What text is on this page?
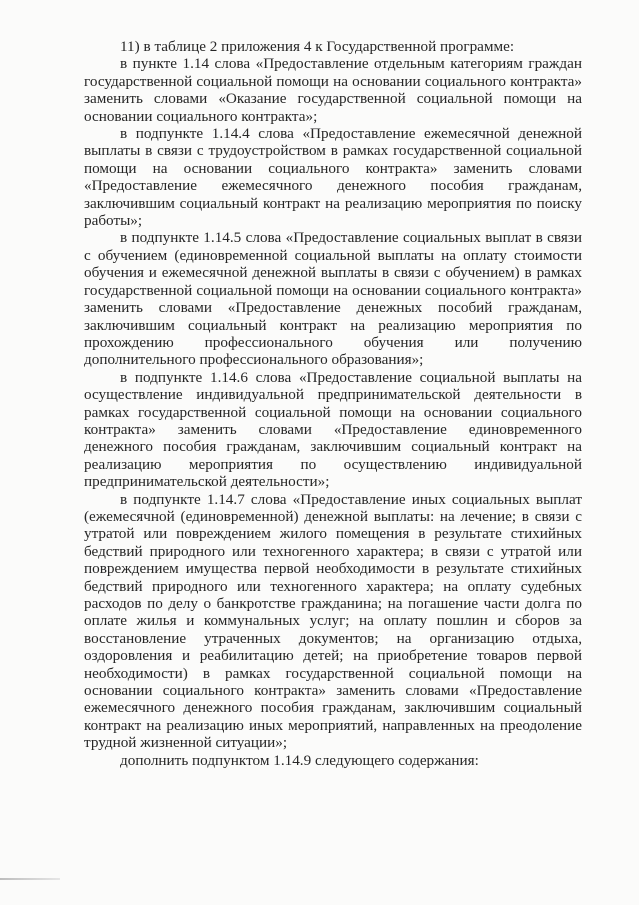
11) в таблице 2 приложения 4 к Государственной программе:

в пункте 1.14 слова «Предоставление отдельным категориям граждан государственной социальной помощи на основании социального контракта» заменить словами «Оказание государственной социальной помощи на основании социального контракта»;

в подпункте 1.14.4 слова «Предоставление ежемесячной денежной выплаты в связи с трудоустройством в рамках государственной социальной помощи на основании социального контракта» заменить словами «Предоставление ежемесячного денежного пособия гражданам, заключившим социальный контракт на реализацию мероприятия по поиску работы»;

в подпункте 1.14.5 слова «Предоставление социальных выплат в связи с обучением (единовременной социальной выплаты на оплату стоимости обучения и ежемесячной денежной выплаты в связи с обучением) в рамках государственной социальной помощи на основании социального контракта» заменить словами «Предоставление денежных пособий гражданам, заключившим социальный контракт на реализацию мероприятия по прохождению профессионального обучения или получению дополнительного профессионального образования»;

в подпункте 1.14.6 слова «Предоставление социальной выплаты на осуществление индивидуальной предпринимательской деятельности в рамках государственной социальной помощи на основании социального контракта» заменить словами «Предоставление единовременного денежного пособия гражданам, заключившим социальный контракт на реализацию мероприятия по осуществлению индивидуальной предпринимательской деятельности»;

в подпункте 1.14.7 слова «Предоставление иных социальных выплат (ежемесячной (единовременной) денежной выплаты: на лечение; в связи с утратой или повреждением жилого помещения в результате стихийных бедствий природного или техногенного характера; в связи с утратой или повреждением имущества первой необходимости в результате стихийных бедствий природного или техногенного характера; на оплату судебных расходов по делу о банкротстве гражданина; на погашение части долга по оплате жилья и коммунальных услуг; на оплату пошлин и сборов за восстановление утраченных документов; на организацию отдыха, оздоровления и реабилитацию детей; на приобретение товаров первой необходимости) в рамках государственной социальной помощи на основании социального контракта» заменить словами «Предоставление ежемесячного денежного пособия гражданам, заключившим социальный контракт на реализацию иных мероприятий, направленных на преодоление трудной жизненной ситуации»;

дополнить подпунктом 1.14.9 следующего содержания:
